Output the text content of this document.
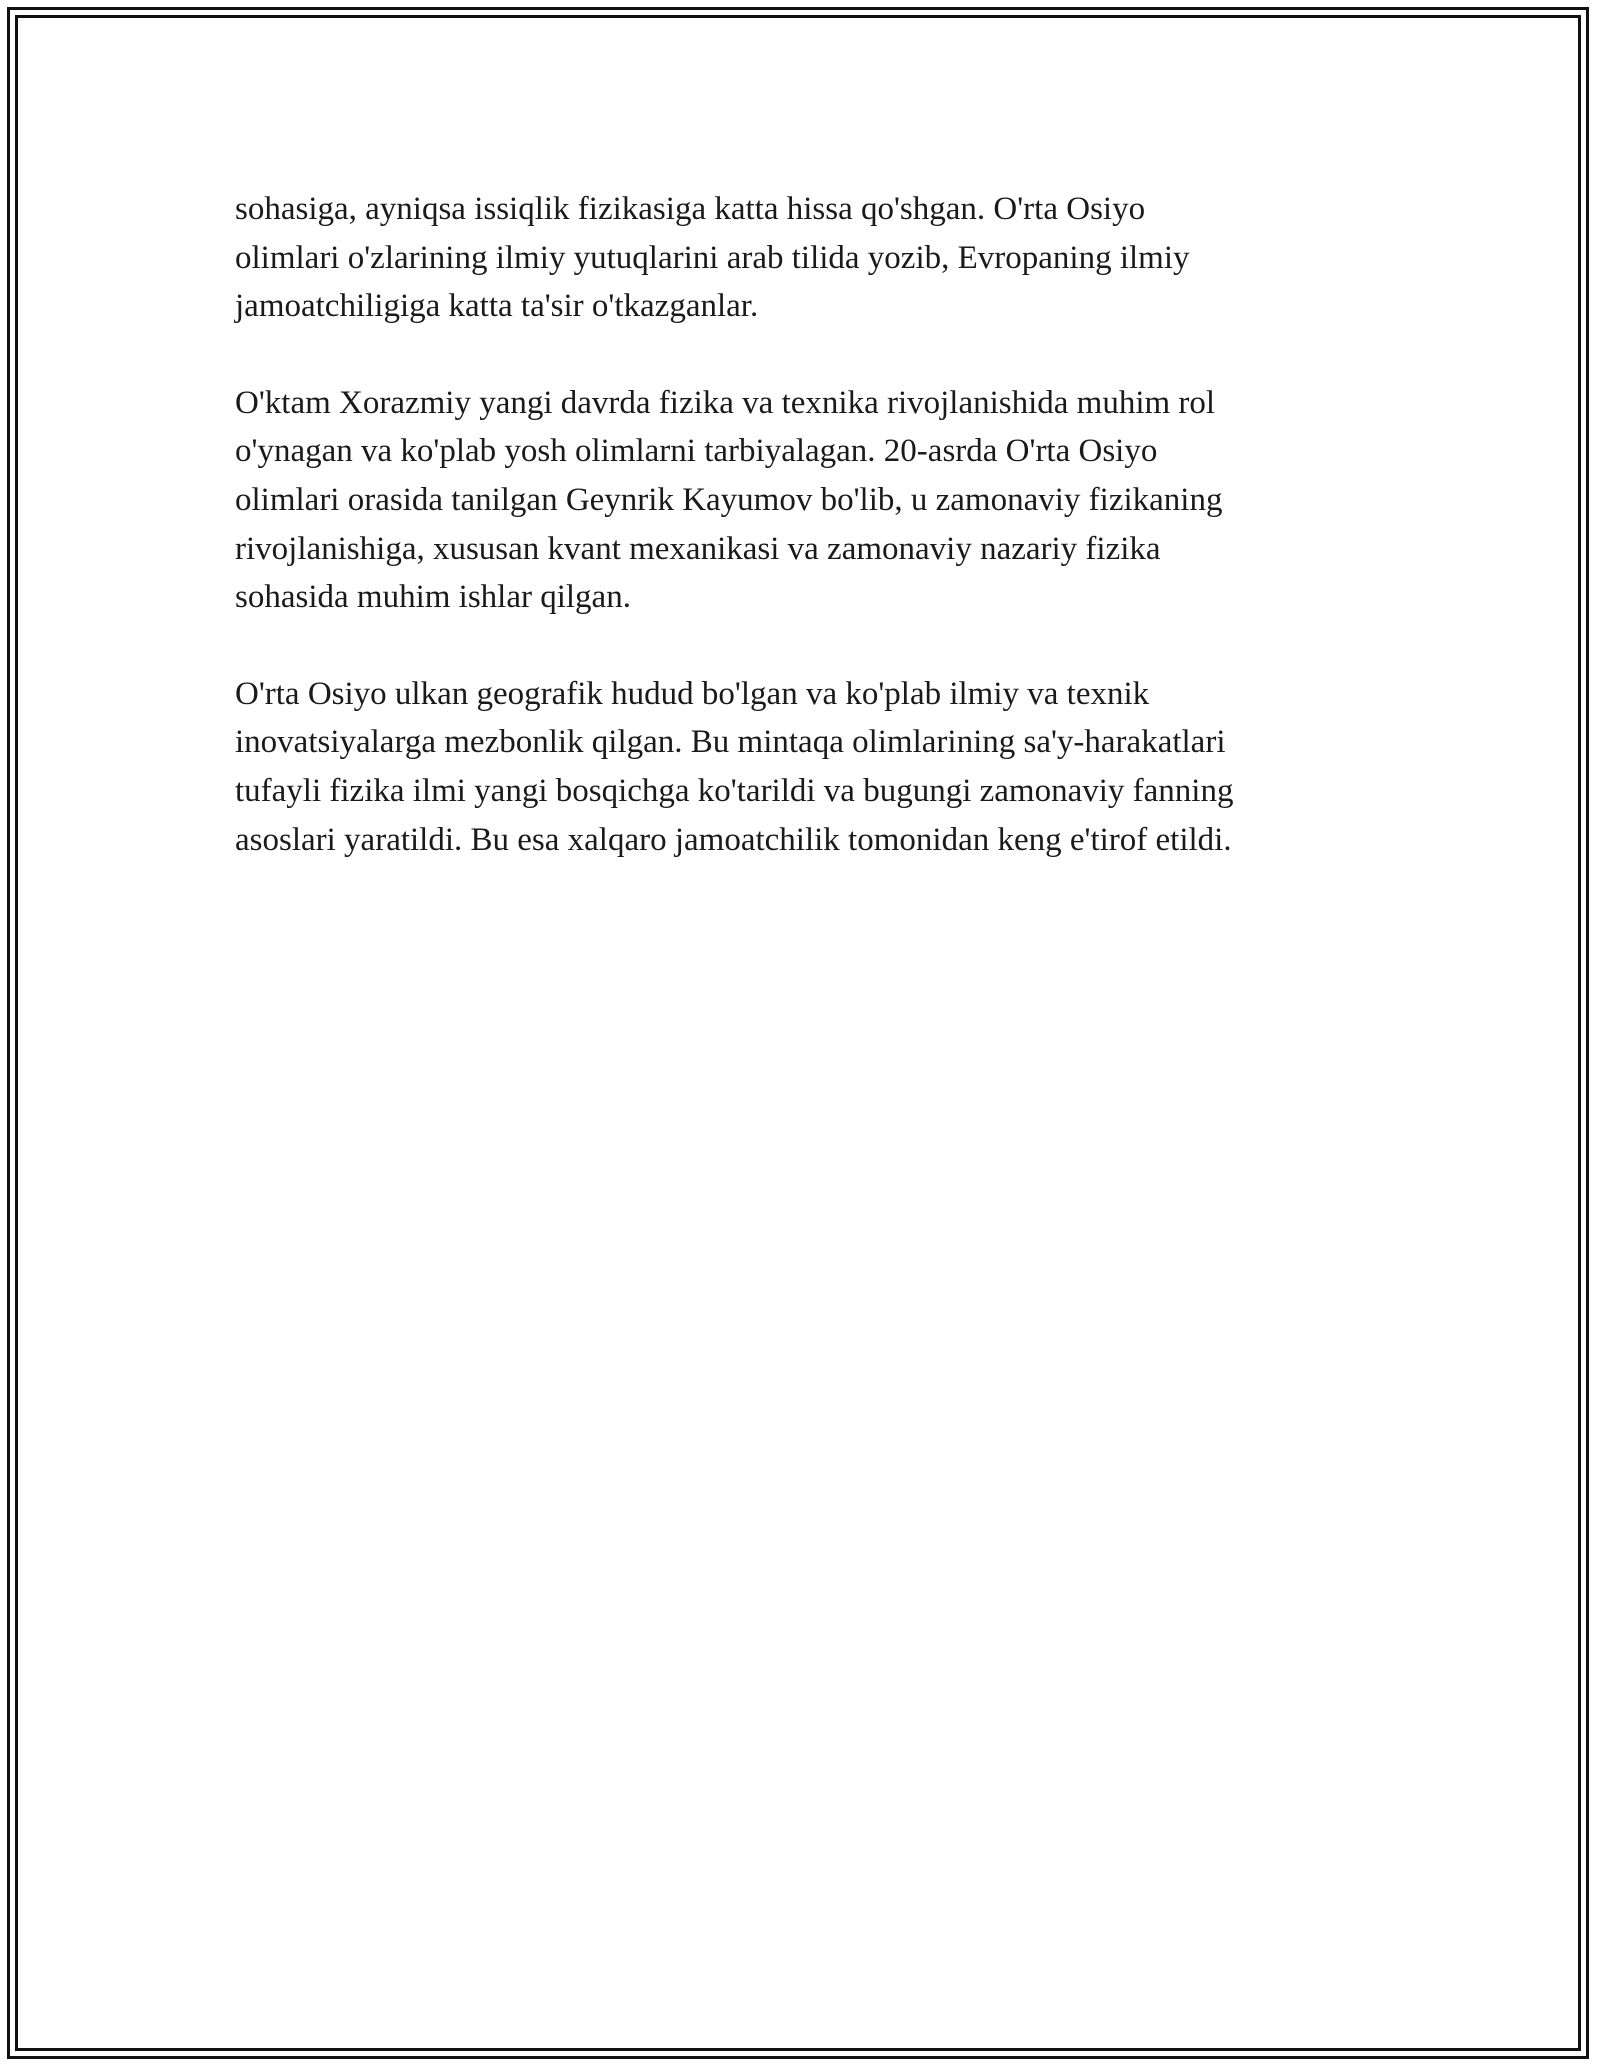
sohasiga, ayniqsa issiqlik fizikasiga katta hissa qo'shgan. O'rta Osiyo
olimlari o'zlarining ilmiy yutuqlarini arab tilida yozib, Evropaning ilmiy
jamoatchiligiga katta ta'sir o'tkazganlar.

O'ktam Xorazmiy yangi davrda fizika va texnika rivojlanishida muhim rol
o'ynagan va ko'plab yosh olimlarni tarbiyalagan. 20-asrda O'rta Osiyo
olimlari orasida tanilgan Geynrik Kayumov bo'lib, u zamonaviy fizikaning
rivojlanishiga, xususan kvant mexanikasi va zamonaviy nazariy fizika
sohasida muhim ishlar qilgan.

O'rta Osiyo ulkan geografik hudud bo'lgan va ko'plab ilmiy va texnik
inovatsiyalarga mezbonlik qilgan. Bu mintaqa olimlarining sa'y-harakatlari
tufayli fizika ilmi yangi bosqichga ko'tarildi va bugungi zamonaviy fanning
asoslari yaratildi. Bu esa xalqaro jamoatchilik tomonidan keng e'tirof etildi.
